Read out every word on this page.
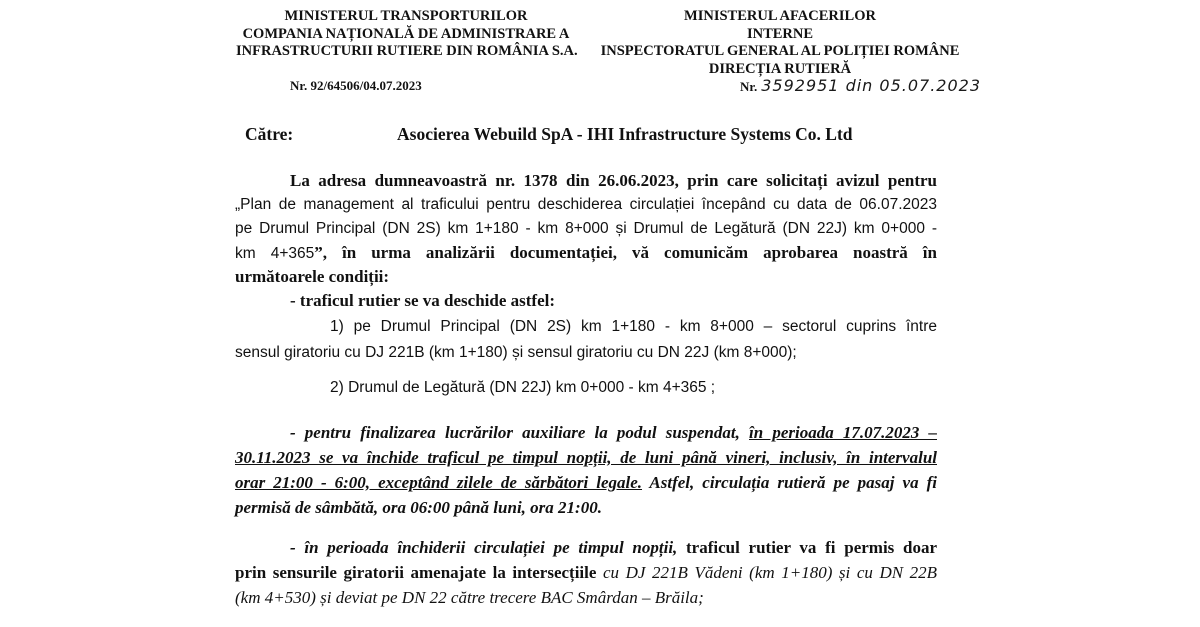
MINISTERUL TRANSPORTURILOR
COMPANIA NAȚIONALĂ DE ADMINISTRARE A
INFRASTRUCTURII RUTIERE DIN ROMÂNIA S.A.
Nr. 92/64506/04.07.2023
MINISTERUL AFACERILOR
INTERNE
INSPECTORATUL GENERAL AL POLIȚIEI ROMÂNE
DIRECȚIA RUTIERĂ
Nr. 3592951 din 05.07.2023
Către:	Asocierea Webuild SpA - IHI Infrastructure Systems Co. Ltd
La adresa dumneavoastră nr. 1378 din 26.06.2023, prin care solicitați avizul pentru
„Plan de management al traficului pentru deschiderea circulației începând cu data de 06.07.2023
pe Drumul Principal (DN 2S) km 1+180 - km 8+000 și Drumul de Legătură (DN 22J) km 0+000 -
km 4+365”, în urma analizării documentației, vă comunicăm aprobarea noastră în
următoarele condiții:
- traficul rutier se va deschide astfel:
1) pe Drumul Principal (DN 2S) km 1+180 - km 8+000 – sectorul cuprins între
sensul giratoriu cu DJ 221B (km 1+180) și sensul giratoriu cu DN 22J (km 8+000);
2) Drumul de Legătură (DN 22J) km 0+000 - km 4+365 ;
- pentru finalizarea lucrărilor auxiliare la podul suspendat, în perioada 17.07.2023 –
30.11.2023 se va închide traficul pe timpul nopții, de luni până vineri, inclusiv, în intervalul
orar 21:00 - 6:00, exceptând zilele de sărbători legale. Astfel, circulația rutieră pe pasaj va fi
permisă de sâmbătă, ora 06:00 până luni, ora 21:00.
- în perioada închiderii circulației pe timpul nopții, traficul rutier va fi permis doar
prin sensurile giratorii amenajate la intersecțiile cu DJ 221B Vădeni (km 1+180) și cu DN 22B
(km 4+530) și deviat pe DN 22 către trecere BAC Smârdan – Brăila;
